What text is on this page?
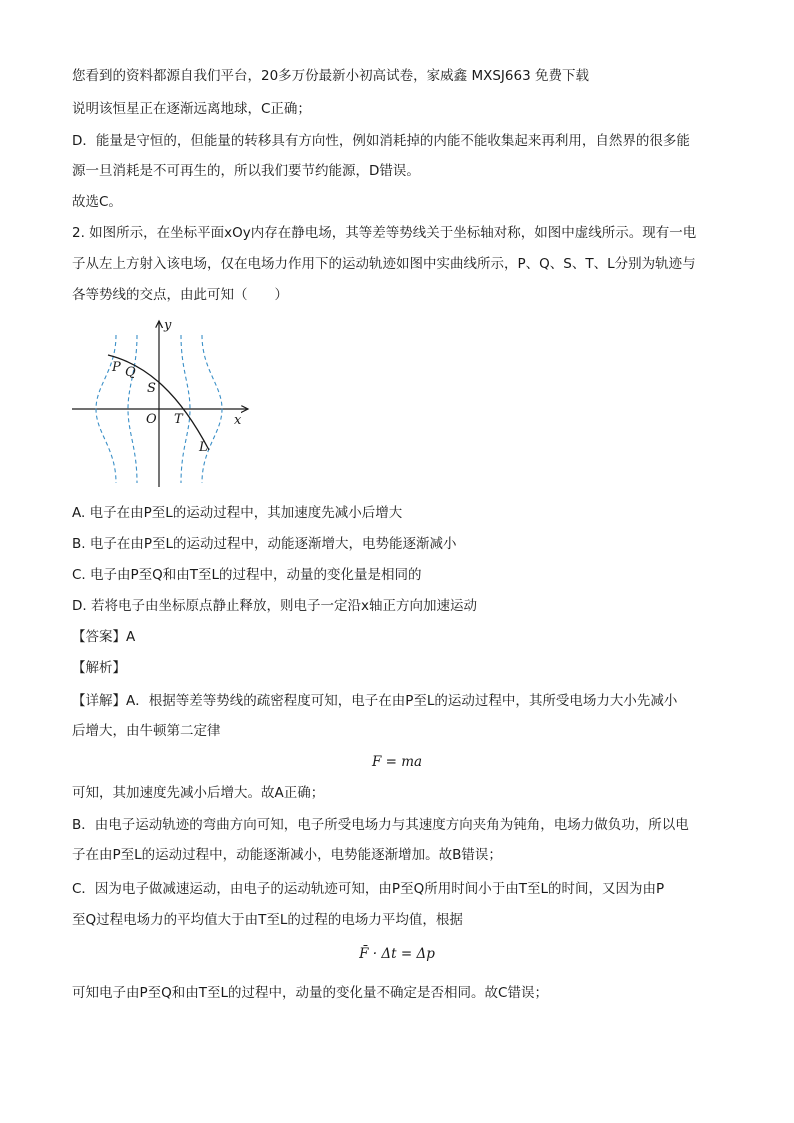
您看到的资料都源自我们平台，20多万份最新小初高试卷，家威鑫 MXSJ663 免费下载
说明该恒星正在逐渐远离地球，C正确；
D．能量是守恒的，但能量的转移具有方向性，例如消耗掉的内能不能收集起来再利用，自然界的很多能
源一旦消耗是不可再生的，所以我们要节约能源，D错误。
故选C。
2. 如图所示，在坐标平面xOy内存在静电场，其等差等势线关于坐标轴对称，如图中虚线所示。现有一电
子从左上方射入该电场，仅在电场力作用下的运动轨迹如图中实曲线所示，P、Q、S、T、L分别为轨迹与
各等势线的交点，由此可知（　　）
y
x
O
P Q
S
T
L
A. 电子在由P至L的运动过程中，其加速度先减小后增大
B. 电子在由P至L的运动过程中，动能逐渐增大，电势能逐渐减小
C. 电子由P至Q和由T至L的过程中，动量的变化量是相同的
D. 若将电子由坐标原点静止释放，则电子一定沿x轴正方向加速运动
【答案】A
【解析】
【详解】A．根据等差等势线的疏密程度可知，电子在由P至L的运动过程中，其所受电场力大小先减小
后增大，由牛顿第二定律
F = ma
可知，其加速度先减小后增大。故A正确；
B．由电子运动轨迹的弯曲方向可知，电子所受电场力与其速度方向夹角为钝角，电场力做负功，所以电
子在由P至L的运动过程中，动能逐渐减小，电势能逐渐增加。故B错误；
C．因为电子做减速运动，由电子的运动轨迹可知，由P至Q所用时间小于由T至L的时间，又因为由P
至Q过程电场力的平均值大于由T至L的过程的电场力平均值，根据
F̄ · Δt = Δp
可知电子由P至Q和由T至L的过程中，动量的变化量不确定是否相同。故C错误；
